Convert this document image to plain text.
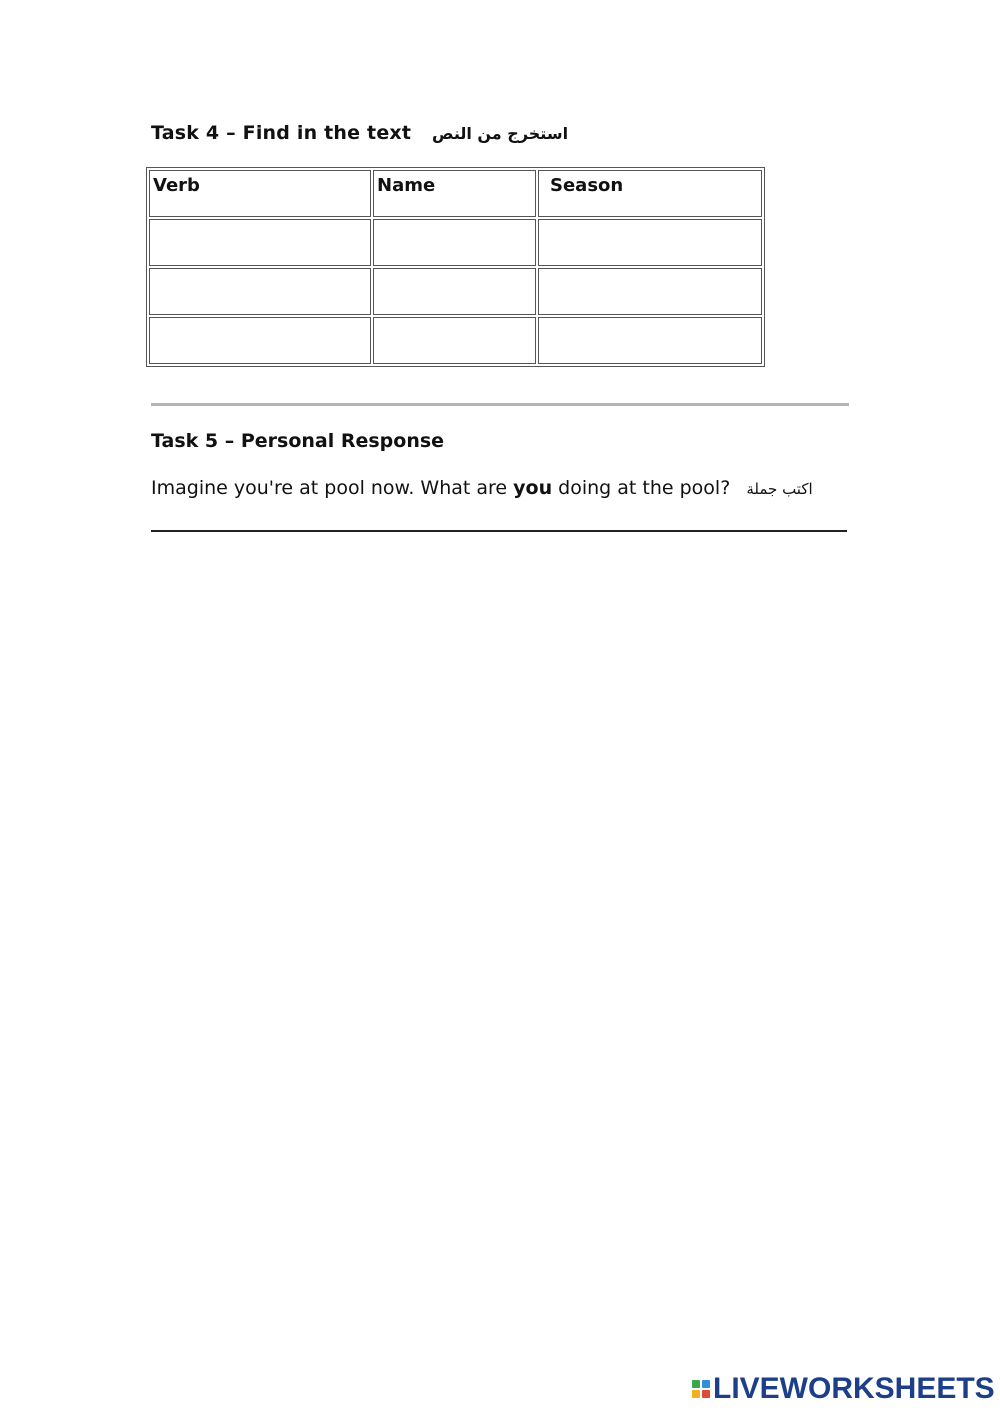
Task 4 – Find in the text استخرج من النص
Verb	Name	Season

Task 5 – Personal Response
Imagine you're at pool now. What are you doing at the pool? اكتب جملة
LIVEWORKSHEETS
